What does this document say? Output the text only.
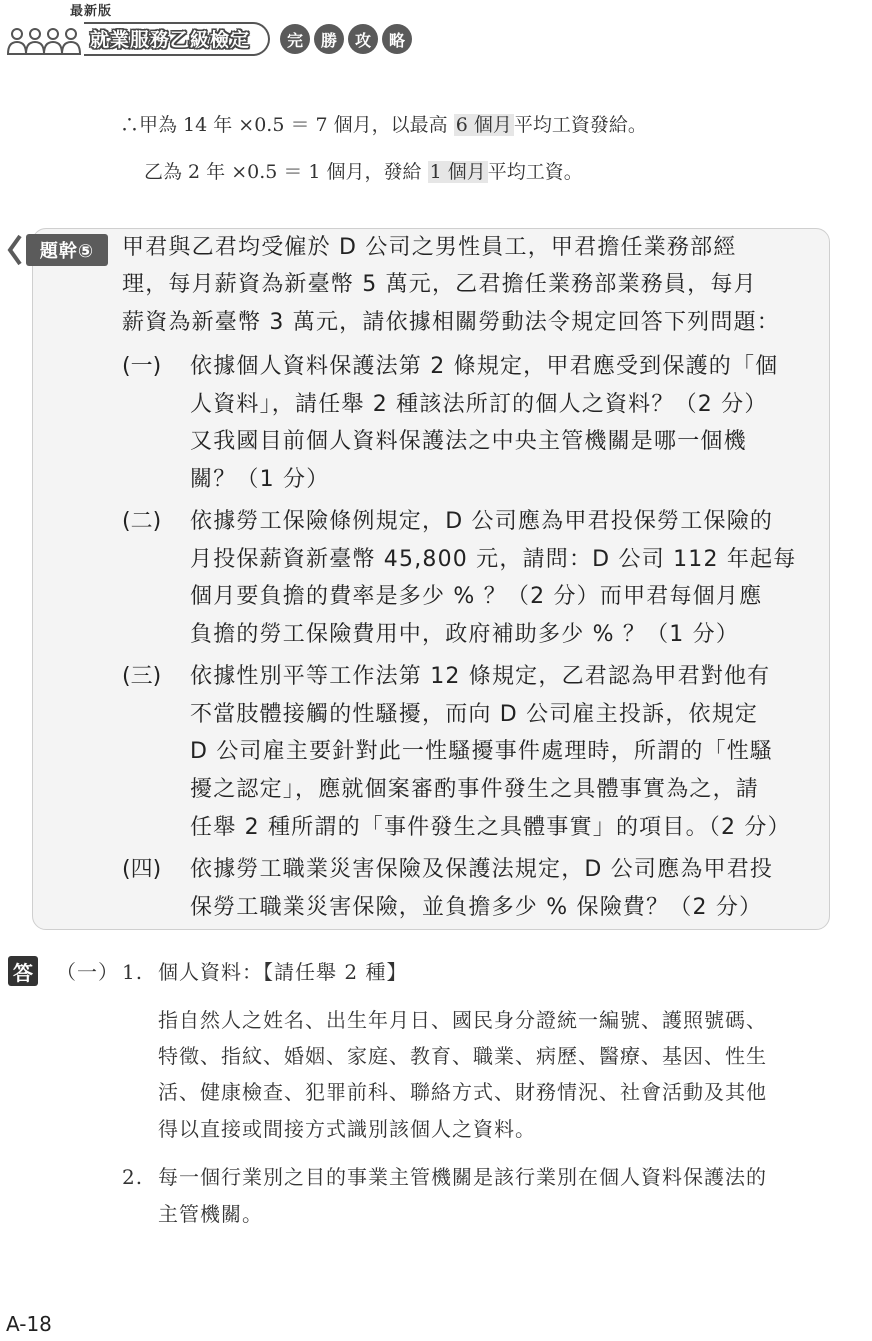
最新版
就業服務乙級檢定	完	勝	攻	略
∴甲為 14 年 ×0.5 ＝ 7 個月，以最高 6 個月 平均工資發給。
乙為 2 年 ×0.5 ＝ 1 個月，發給 1 個月 平均工資。
題幹⑤	甲君與乙君均受僱於 D 公司之男性員工，甲君擔任業務部經
理，每月薪資為新臺幣 5 萬元，乙君擔任業務部業務員，每月
薪資為新臺幣 3 萬元，請依據相關勞動法令規定回答下列問題：
(一) 依據個人資料保護法第 2 條規定，甲君應受到保護的「個
人資料」，請任舉 2 種該法所訂的個人之資料？（2 分）
又我國目前個人資料保護法之中央主管機關是哪一個機
關？（1 分）
(二) 依據勞工保險條例規定，D 公司應為甲君投保勞工保險的
月投保薪資新臺幣 45,800 元，請問：D 公司 112 年起每
個月要負擔的費率是多少 % ？（2 分）而甲君每個月應
負擔的勞工保險費用中，政府補助多少 % ？（1 分）
(三) 依據性別平等工作法第 12 條規定，乙君認為甲君對他有
不當肢體接觸的性騷擾，而向 D 公司雇主投訴，依規定
D 公司雇主要針對此一性騷擾事件處理時，所謂的「性騷
擾之認定」，應就個案審酌事件發生之具體事實為之，請
任舉 2 種所謂的「事件發生之具體事實」的項目。（2 分）
(四) 依據勞工職業災害保險及保護法規定，D 公司應為甲君投
保勞工職業災害保險，並負擔多少 % 保險費？（2 分）
答 （一） 1. 個人資料：【請任舉 2 種】
指自然人之姓名、出生年月日、國民身分證統一編號、護照號碼、
特徵、指紋、婚姻、家庭、教育、職業、病歷、醫療、基因、性生
活、健康檢查、犯罪前科、聯絡方式、財務情況、社會活動及其他
得以直接或間接方式識別該個人之資料。
2. 每一個行業別之目的事業主管機關是該行業別在個人資料保護法的
主管機關。
A-18
